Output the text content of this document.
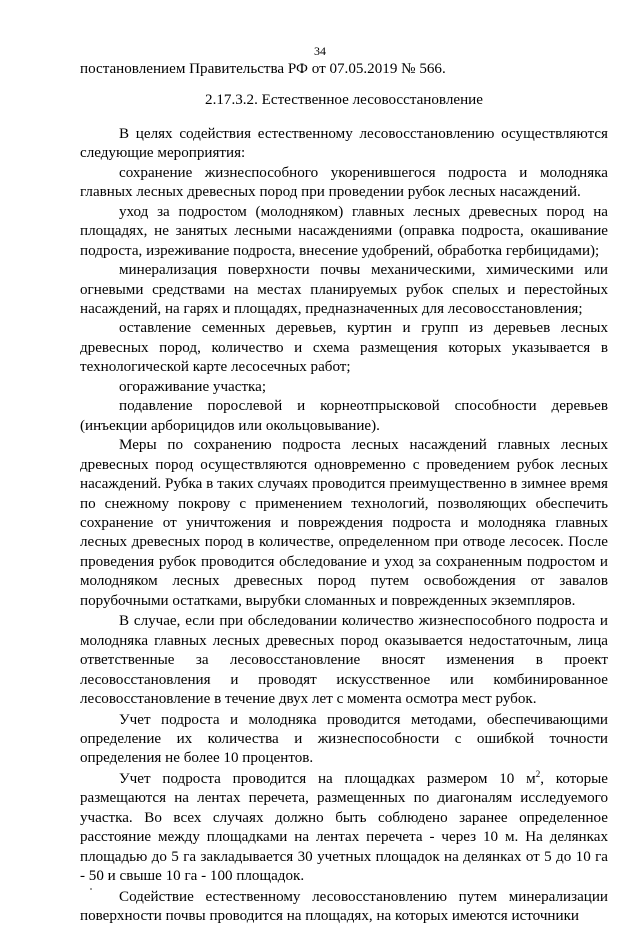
34

постановлением Правительства РФ от 07.05.2019 № 566.

2.17.3.2. Естественное лесовосстановление

В целях содействия естественному лесовосстановлению осуществляются следующие мероприятия:

сохранение жизнеспособного укоренившегося подроста и молодняка главных лесных древесных пород при проведении рубок лесных насаждений.

уход за подростом (молодняком) главных лесных древесных пород на площадях, не занятых лесными насаждениями (оправка подроста, окашивание подроста, изреживание подроста, внесение удобрений, обработка гербицидами);

минерализация поверхности почвы механическими, химическими или огневыми средствами на местах планируемых рубок спелых и перестойных насаждений, на гарях и площадях, предназначенных для лесовосстановления;

оставление семенных деревьев, куртин и групп из деревьев лесных древесных пород, количество и схема размещения которых указывается в технологической карте лесосечных работ;

огораживание участка;

подавление порослевой и корнеотпрысковой способности деревьев (инъекции арборицидов или окольцовывание).

Меры по сохранению подроста лесных насаждений главных лесных древесных пород осуществляются одновременно с проведением рубок лесных насаждений. Рубка в таких случаях проводится преимущественно в зимнее время по снежному покрову с применением технологий, позволяющих обеспечить сохранение от уничтожения и повреждения подроста и молодняка главных лесных древесных пород в количестве, определенном при отводе лесосек. После проведения рубок проводится обследование и уход за сохраненным подростом и молодняком лесных древесных пород путем освобождения от завалов порубочными остатками, вырубки сломанных и поврежденных экземпляров.

В случае, если при обследовании количество жизнеспособного подроста и молодняка главных лесных древесных пород оказывается недостаточным, лица ответственные за лесовосстановление вносят изменения в проект лесовосстановления и проводят искусственное или комбинированное лесовосстановление в течение двух лет с момента осмотра мест рубок.

Учет подроста и молодняка проводится методами, обеспечивающими определение их количества и жизнеспособности с ошибкой точности определения не более 10 процентов.

Учет подроста проводится на площадках размером 10 $м^2$, которые размещаются на лентах перечета, размещенных по диагоналям исследуемого участка. Во всех случаях должно быть соблюдено заранее определенное расстояние между площадками на лентах перечета - через 10 м. На делянках площадью до 5 га закладывается 30 учетных площадок на делянках от 5 до 10 га - 50 и свыше 10 га - 100 площадок.

Содействие естественному лесовосстановлению путем минерализации поверхности почвы проводится на площадях, на которых имеются источники
